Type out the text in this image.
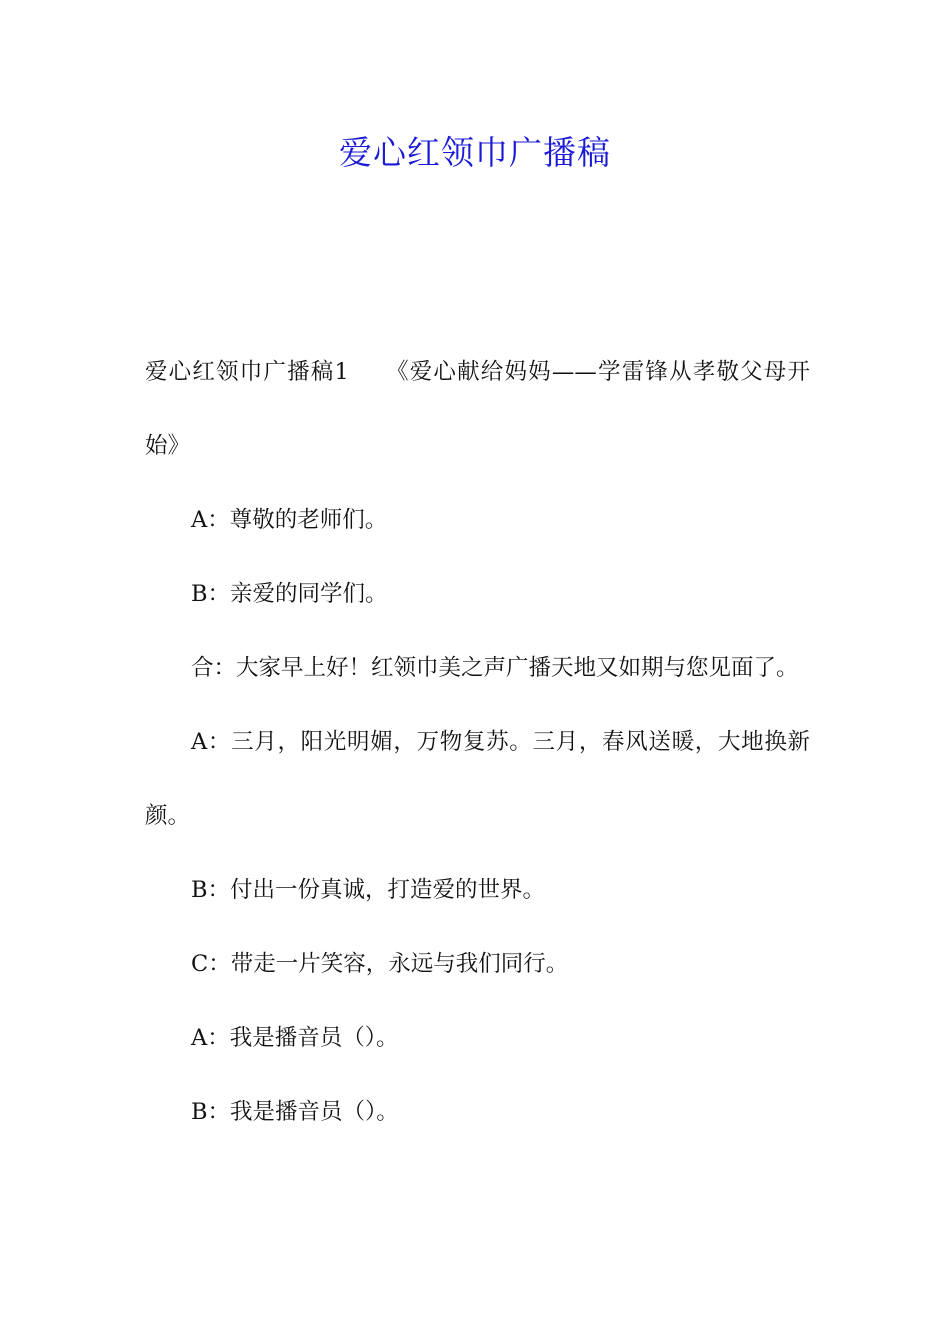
爱心红领巾广播稿

爱心红领巾广播稿1　　《爱心献给妈妈——学雷锋从孝敬父母开始》

A：尊敬的老师们。

B：亲爱的同学们。

合：大家早上好！红领巾美之声广播天地又如期与您见面了。

A：三月，阳光明媚，万物复苏。三月，春风送暖，大地换新颜。

B：付出一份真诚，打造爱的世界。

C：带走一片笑容，永远与我们同行。

A：我是播音员（）。

B：我是播音员（）。
